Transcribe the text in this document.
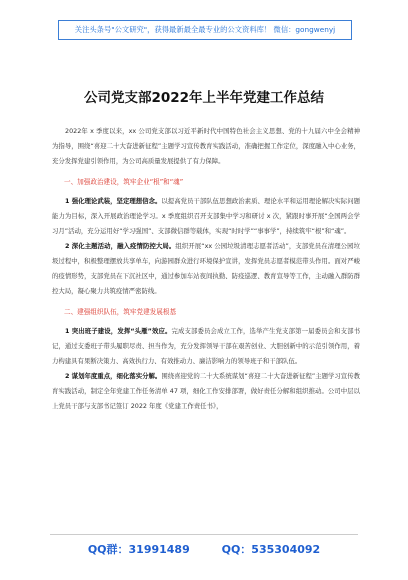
关注头条号"公文研究"，获得最新最全最专业的公文资料库！ 微信：gongwenyj
公司党支部2022年上半年党建工作总结

2022年 x 季度以来，xx 公司党支部以习近平新时代中国特色社会主义思想、党的十九届六中全会精神为指导，围绕“喜迎二十大奋进新征程”主题学习宣传教育实践活动，准确把握工作定位，深度融入中心业务，充分发挥党建引领作用，为公司高质量发展提供了有力保障。

一、加强政治建设，筑牢企业“根”和“魂”

1 强化理论武装，坚定理想信念。以提高党员干部队伍思想政治素质、理论水平和运用理论解决实际问题能力为目标，深入开展政治理论学习。x 季度组织召开支部集中学习和研讨 x 次，紧跟时事开展“全国两会学习月”活动，充分运用好“学习强国”、支部微信群等载体，实现“时时学”“事事学”，持续筑牢“根”和“魂”。

2 深化主题活动，融入疫情防控大局。组织开展“xx 公园垃圾清理志愿者活动”，支部党员在清理公园垃圾过程中，积极整理摆放共享单车，向游园群众进行环境保护宣讲，发挥党员志愿者模范带头作用。面对严峻的疫情形势，支部党员在下沉社区中，通过参加车站夜间执勤、防疫巡逻、教育宣导等工作，主动融入群防群控大局，凝心聚力共筑疫情严密防线。

二、建强组织队伍，筑牢党建发展根基

1 突出班子建设，发挥“头雁”效应。完成支部委员会成立工作，选举产生党支部第一届委员会和支部书记，通过支委班子带头履职尽责、担当作为，充分发挥领导干部在艰苦创业、大胆创新中的示范引领作用，着力构建具有果断决策力、高效执行力、有效推动力、廉洁影响力的领导班子和干部队伍。

2 谋划年度重点，细化落实分解。围绕喜迎党的二十大系统谋划“喜迎二十大奋进新征程”主题学习宣传教育实践活动，制定全年党建工作任务清单 47 项，细化工作安排部署，做好责任分解和组织推动。公司中层以上党员干部与支部书记签订 2022 年度《党建工作责任书》，

QQ群：31991489	QQ：535304092
